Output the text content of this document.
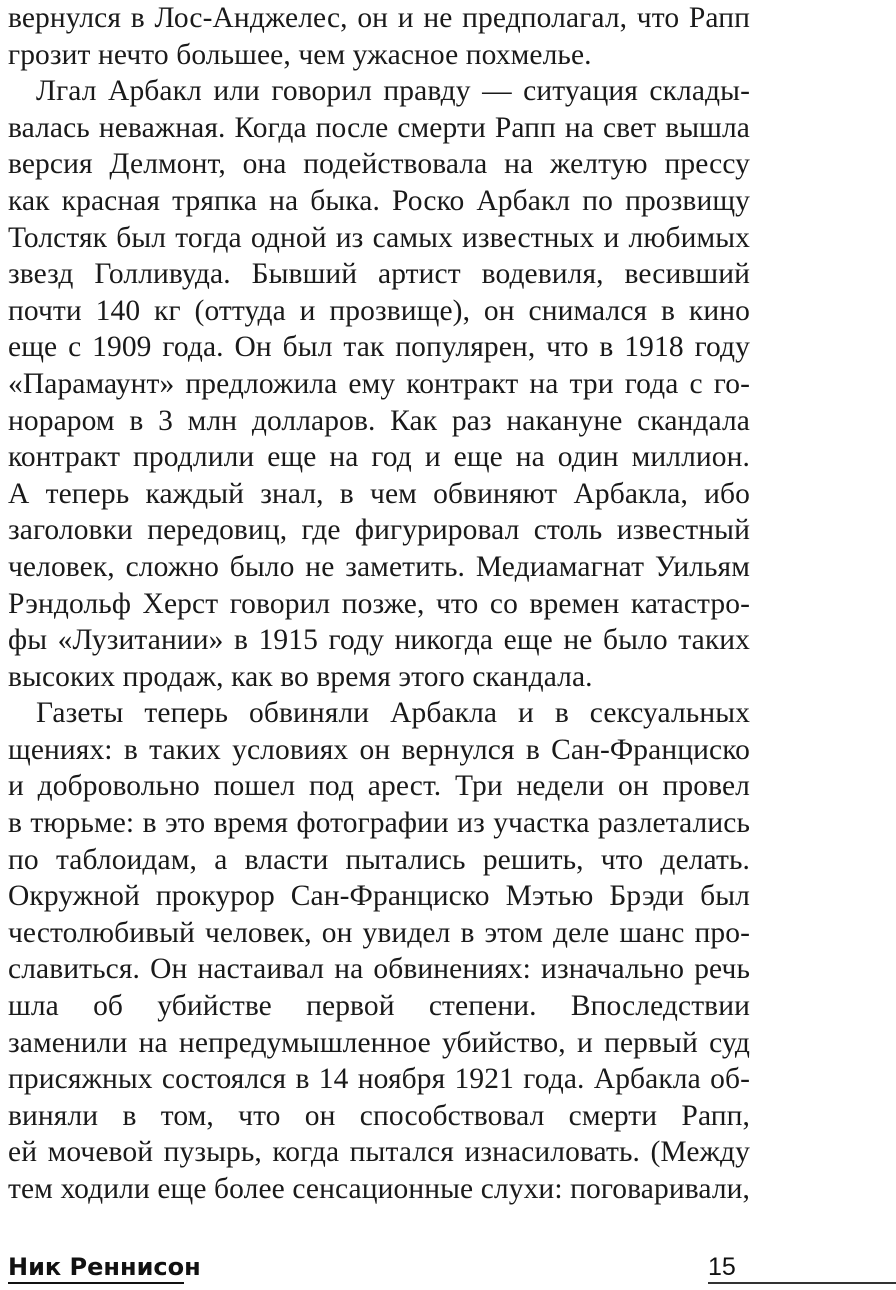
вернулся в Лос-Анджелес, он и не предполагал, что Рапп
грозит нечто большее, чем ужасное похмелье.
Лгал Арбакл или говорил правду — ситуация склады-
валась неважная. Когда после смерти Рапп на свет вышла
версия Делмонт, она подействовала на желтую прессу
как красная тряпка на быка. Роско Арбакл по прозвищу
Толстяк был тогда одной из самых известных и любимых
звезд Голливуда. Бывший артист водевиля, весивший
почти 140 кг (оттуда и прозвище), он снимался в кино
еще с 1909 года. Он был так популярен, что в 1918 году
«Парамаунт» предложила ему контракт на три года с го-
нораром в 3 млн долларов. Как раз накануне скандала
контракт продлили еще на год и еще на один миллион.
А теперь каждый знал, в чем обвиняют Арбакла, ибо
заголовки передовиц, где фигурировал столь известный
человек, сложно было не заметить. Медиамагнат Уильям
Рэндольф Херст говорил позже, что со времен катастро-
фы «Лузитании» в 1915 году никогда еще не было таких
высоких продаж, как во время этого скандала.
Газеты теперь обвиняли Арбакла и в сексуальных
щениях: в таких условиях он вернулся в Сан-Франциско
и добровольно пошел под арест. Три недели он провел
в тюрьме: в это время фотографии из участка разлетались
по таблоидам, а власти пытались решить, что делать.
Окружной прокурор Сан-Франциско Мэтью Брэди был
честолюбивый человек, он увидел в этом деле шанс про-
славиться. Он настаивал на обвинениях: изначально речь
шла об убийстве первой степени. Впоследствии
заменили на непредумышленное убийство, и первый суд
присяжных состоялся в 14 ноября 1921 года. Арбакла об-
виняли в том, что он способствовал смерти Рапп,
ей мочевой пузырь, когда пытался изнасиловать. (Между
тем ходили еще более сенсационные слухи: поговаривали,
Ник Реннисон	15
